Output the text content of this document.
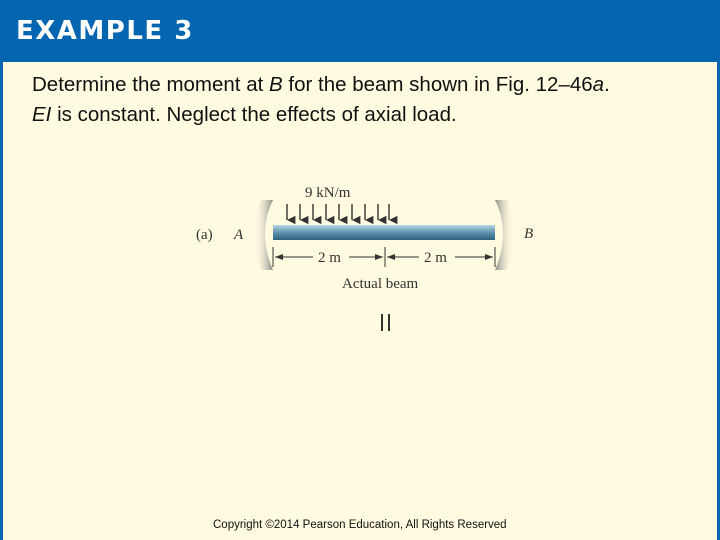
EXAMPLE 3

Determine the moment at B for the beam shown in Fig. 12–46a.

EI is constant. Neglect the effects of axial load.

9 kN/m
(a) A	B
2 m	2 m
Actual beam
Copyright ©2014 Pearson Education, All Rights Reserved
